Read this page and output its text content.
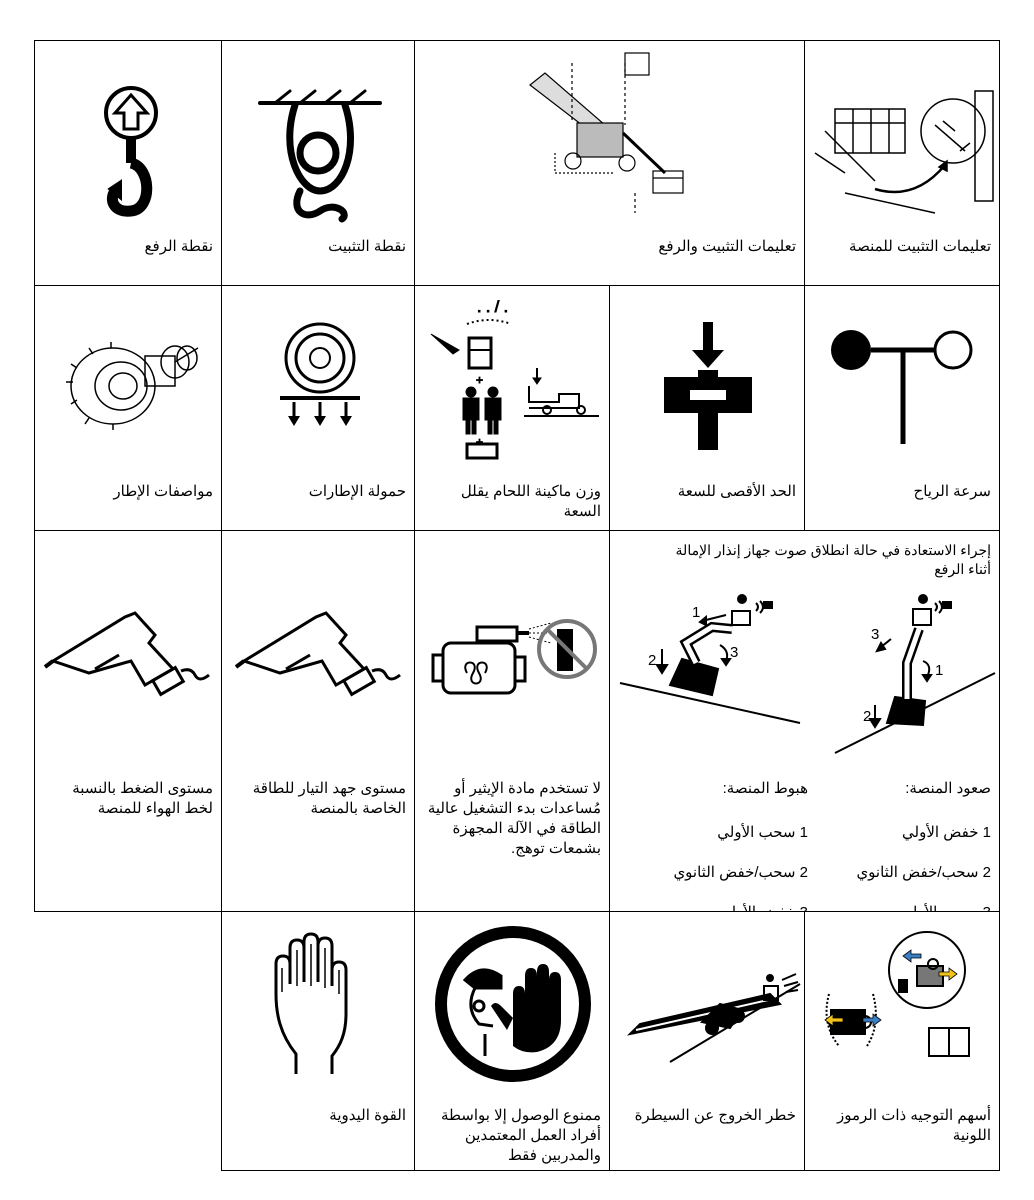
تعليمات التثبيت للمنصة
تعليمات التثبيت والرفع
نقطة التثبيت
نقطة الرفع
سرعة الرياح
الحد الأقصى للسعة
. . / .
+
+
وزن ماكينة اللحام يقلل
السعة
حمولة الإطارات
مواصفات الإطار
إجراء الاستعادة في حالة انطلاق صوت جهاز إنذار الإمالة
أثناء الرفع
1
2	3
3
2
1
هبوط المنصة:

1 سحب الأولي

2 سحب/خفض الثانوي

صعود المنصة:

1 خفض الأولي

2 سحب/خفض الثانوي

لا تستخدم مادة الإيثير أو
مُساعدات بدء التشغيل عالية
الطاقة في الآلة المجهزة
بشمعات توهج.
مستوى جهد التيار للطاقة
الخاصة بالمنصة
مستوى الضغط بالنسبة
لخط الهواء للمنصة
أسهم التوجيه ذات الرموز
اللونية
خطر الخروج عن السيطرة
ممنوع الوصول إلا بواسطة
أفراد العمل المعتمدين
والمدربين فقط
القوة اليدوية
